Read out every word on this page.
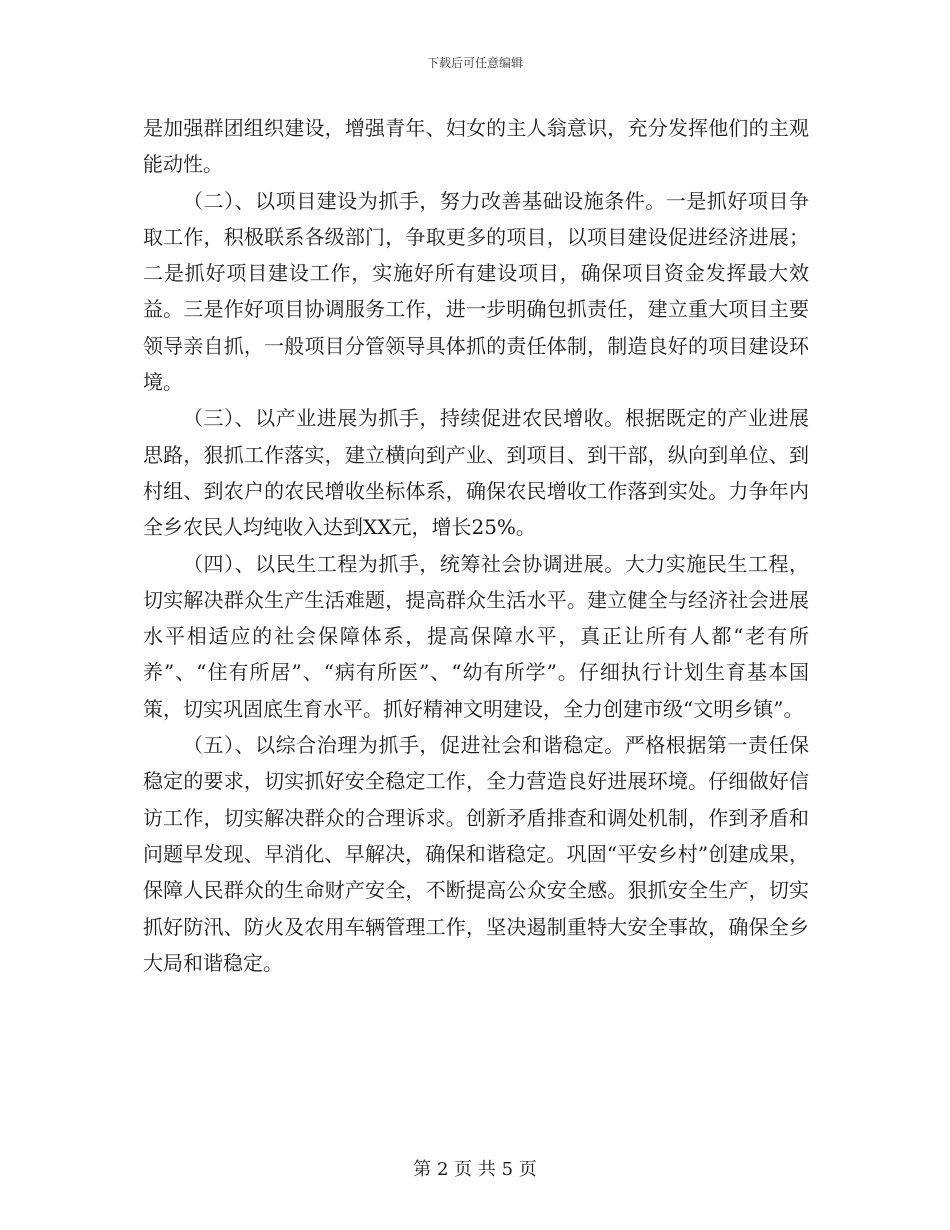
下载后可任意编辑

是加强群团组织建设，增强青年、妇女的主人翁意识，充分发挥他们的主观能动性。

（二）、以项目建设为抓手，努力改善基础设施条件。一是抓好项目争取工作，积极联系各级部门，争取更多的项目，以项目建设促进经济进展；二是抓好项目建设工作，实施好所有建设项目，确保项目资金发挥最大效益。三是作好项目协调服务工作，进一步明确包抓责任，建立重大项目主要领导亲自抓，一般项目分管领导具体抓的责任体制，制造良好的项目建设环境。

（三）、以产业进展为抓手，持续促进农民增收。根据既定的产业进展思路，狠抓工作落实，建立横向到产业、到项目、到干部，纵向到单位、到村组、到农户的农民增收坐标体系，确保农民增收工作落到实处。力争年内全乡农民人均纯收入达到XX元，增长25%。

（四）、以民生工程为抓手，统筹社会协调进展。大力实施民生工程，切实解决群众生产生活难题，提高群众生活水平。建立健全与经济社会进展水平相适应的社会保障体系，提高保障水平，真正让所有人都“老有所养”、“住有所居”、“病有所医”、“幼有所学”。仔细执行计划生育基本国策，切实巩固底生育水平。抓好精神文明建设，全力创建市级“文明乡镇”。

（五）、以综合治理为抓手，促进社会和谐稳定。严格根据第一责任保稳定的要求，切实抓好安全稳定工作，全力营造良好进展环境。仔细做好信访工作，切实解决群众的合理诉求。创新矛盾排查和调处机制，作到矛盾和问题早发现、早消化、早解决，确保和谐稳定。巩固“平安乡村”创建成果，保障人民群众的生命财产安全，不断提高公众安全感。狠抓安全生产，切实抓好防汛、防火及农用车辆管理工作，坚决遏制重特大安全事故，确保全乡大局和谐稳定。

第 2 页 共 5 页
